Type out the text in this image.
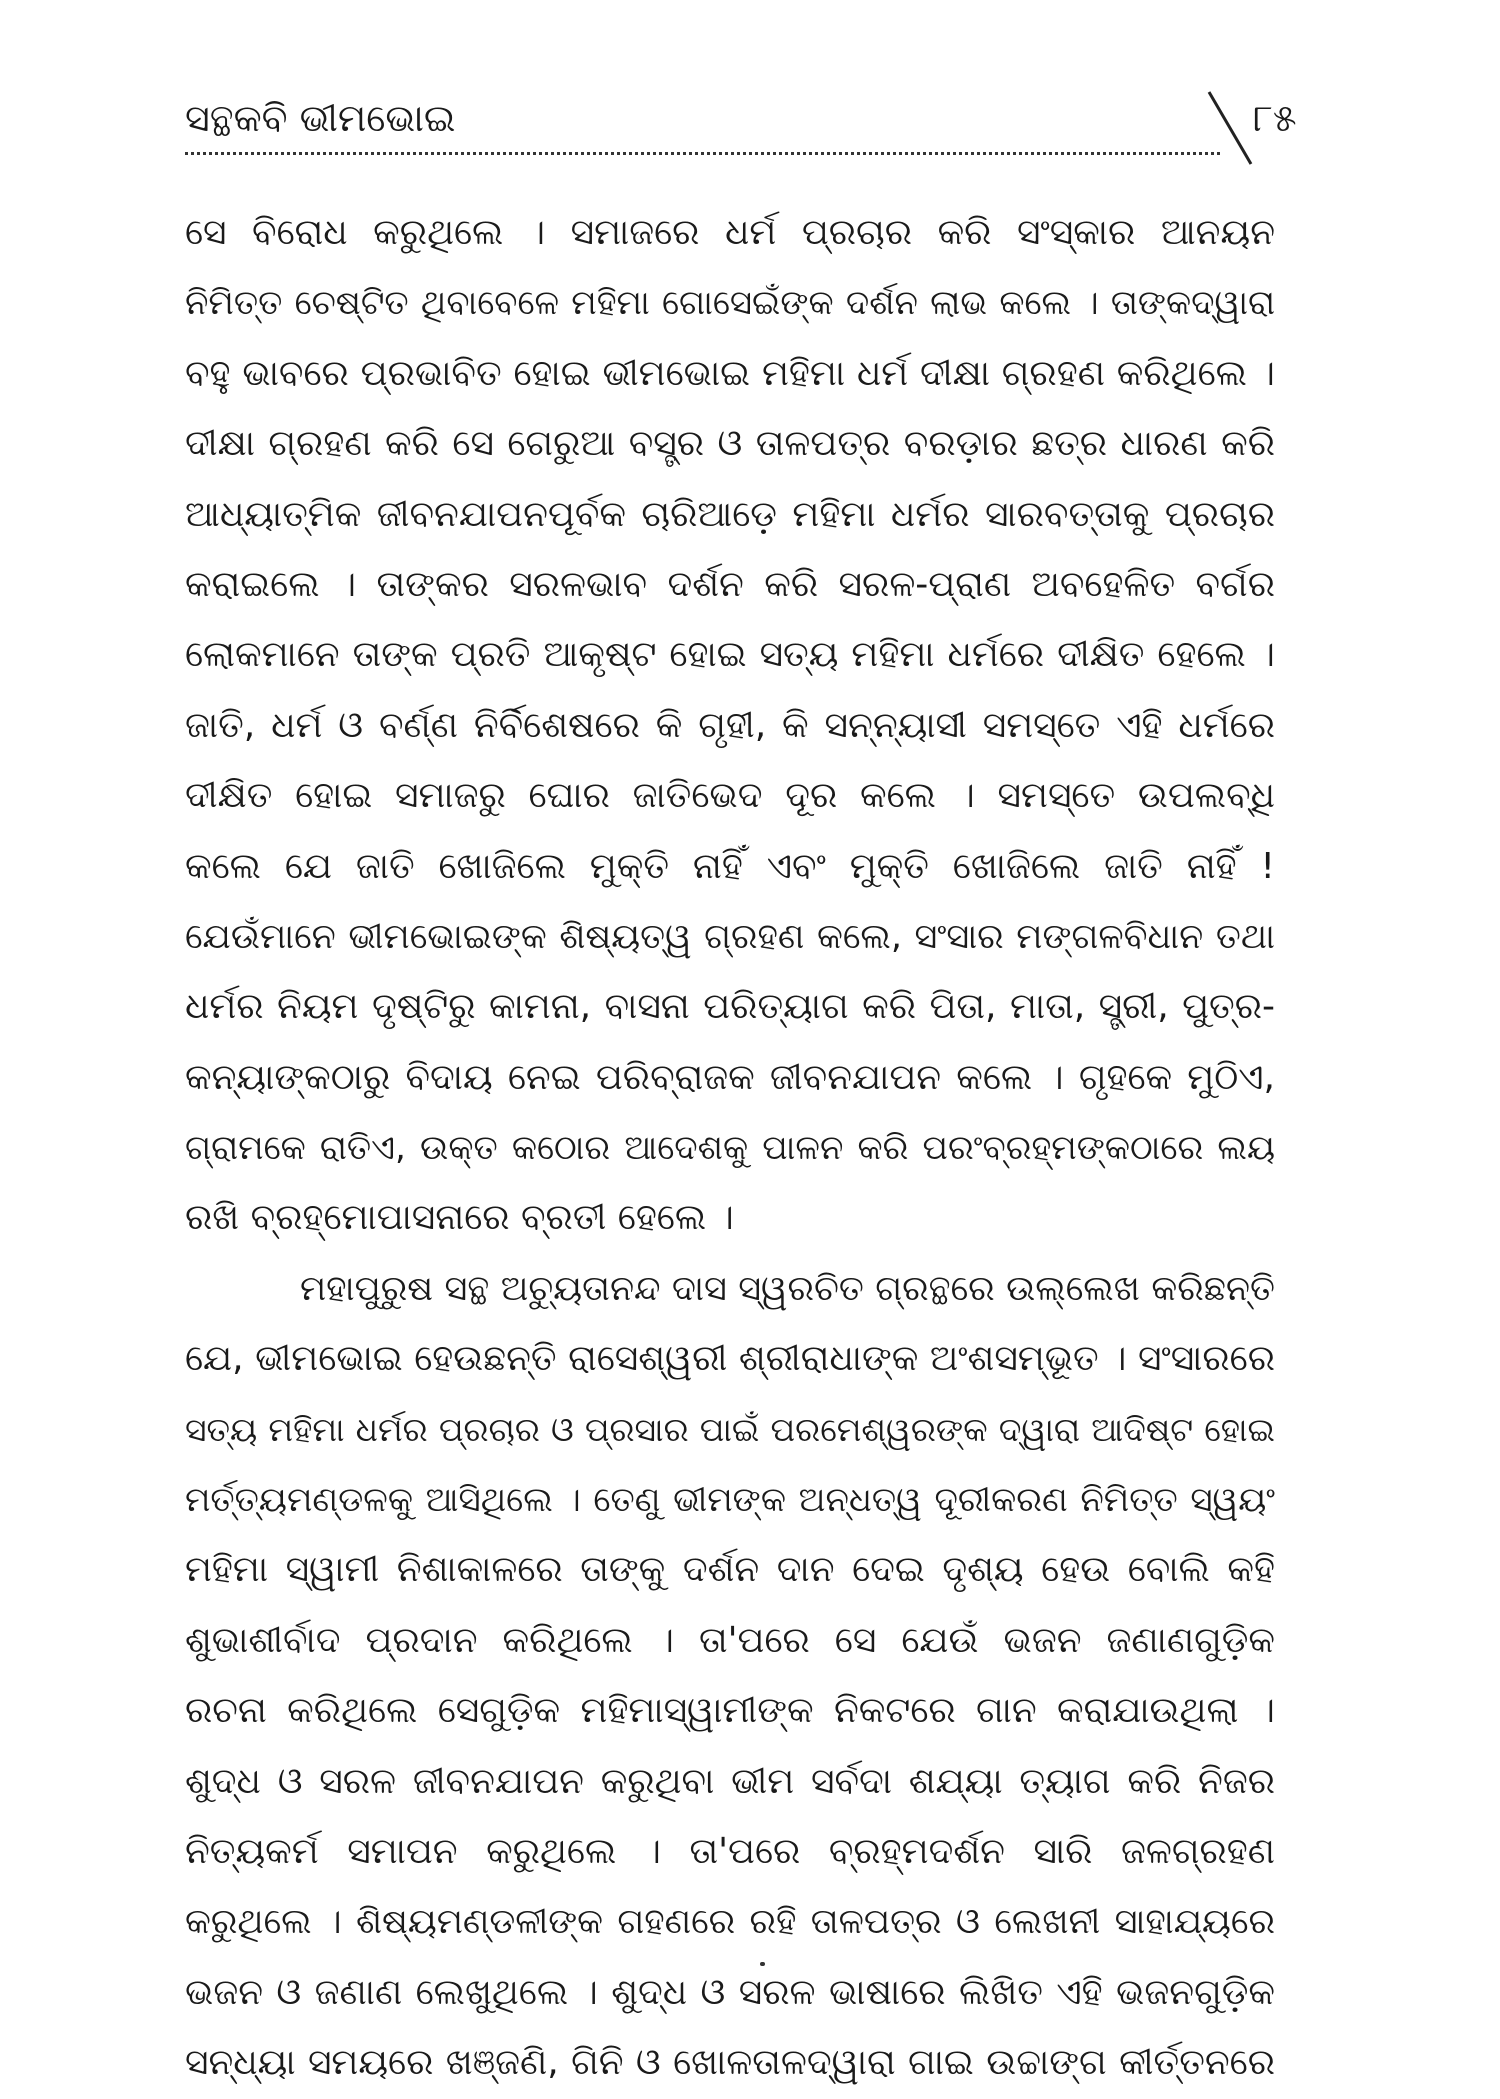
ସନ୍ଥକବି ଭୀମଭୋଇ	୮୫
ସେ ବିରୋଧ କରୁଥିଲେ । ସମାଜରେ ଧର୍ମ ପ୍ରଚାର କରି ସଂସ୍କାର ଆନୟନ
ନିମିତ୍ତ ଚେଷ୍ଟିତ ଥିବାବେଳେ ମହିମା ଗୋସେଇଁଙ୍କ ଦର୍ଶନ ଲାଭ କଲେ । ତାଙ୍କଦ୍ୱାରା
ବହୁ ଭାବରେ ପ୍ରଭାବିତ ହୋଇ ଭୀମଭୋଇ ମହିମା ଧର୍ମ ଦୀକ୍ଷା ଗ୍ରହଣ କରିଥିଲେ ।
ଦୀକ୍ଷା ଗ୍ରହଣ କରି ସେ ଗେରୁଆ ବସ୍ତ୍ର ଓ ତାଳପତ୍ର ବରଡ଼ାର ଛତ୍ର ଧାରଣ କରି
ଆଧ୍ୟାତ୍ମିକ ଜୀବନଯାପନପୂର୍ବକ ଚାରିଆଡ଼େ ମହିମା ଧର୍ମର ସାରବତ୍ତାକୁ ପ୍ରଚାର
କରାଇଲେ । ତାଙ୍କର ସରଳଭାବ ଦର୍ଶନ କରି ସରଳ-ପ୍ରାଣ ଅବହେଳିତ ବର୍ଗର
ଲୋକମାନେ ତାଙ୍କ ପ୍ରତି ଆକୃଷ୍ଟ ହୋଇ ସତ୍ୟ ମହିମା ଧର୍ମରେ ଦୀକ୍ଷିତ ହେଲେ ।
ଜାତି, ଧର୍ମ ଓ ବର୍ଣ୍ଣ ନିର୍ବିଶେଷରେ କି ଗୃହୀ, କି ସନ୍ନ୍ୟାସୀ ସମସ୍ତେ ଏହି ଧର୍ମରେ
ଦୀକ୍ଷିତ ହୋଇ ସମାଜରୁ ଘୋର ଜାତିଭେଦ ଦୂର କଲେ । ସମସ୍ତେ ଉପଲବ୍ଧି
କଲେ ଯେ ଜାତି ଖୋଜିଲେ ମୁକ୍ତି ନାହିଁ ଏବଂ ମୁକ୍ତି ଖୋଜିଲେ ଜାତି ନାହିଁ !
ଯେଉଁମାନେ ଭୀମଭୋଇଙ୍କ ଶିଷ୍ୟତ୍ୱ ଗ୍ରହଣ କଲେ, ସଂସାର ମଙ୍ଗଳବିଧାନ ତଥା
ଧର୍ମର ନିୟମ ଦୃଷ୍ଟିରୁ କାମନା, ବାସନା ପରିତ୍ୟାଗ କରି ପିତା, ମାତା, ସ୍ତ୍ରୀ, ପୁତ୍ର-
କନ୍ୟାଙ୍କଠାରୁ ବିଦାୟ ନେଇ ପରିବ୍ରାଜକ ଜୀବନଯାପନ କଲେ । ଗୃହକେ ମୁଠିଏ,
ଗ୍ରାମକେ ରାତିଏ, ଉକ୍ତ କଠୋର ଆଦେଶକୁ ପାଳନ କରି ପରଂବ୍ରହ୍ମଙ୍କଠାରେ ଲୟ
ରଖି ବ୍ରହ୍ମୋପାସନାରେ ବ୍ରତୀ ହେଲେ ।
ମହାପୁରୁଷ ସନ୍ଥ ଅଚ୍ୟୁତାନନ୍ଦ ଦାସ ସ୍ୱରଚିତ ଗ୍ରନ୍ଥରେ ଉଲ୍ଲେଖ କରିଛନ୍ତି
ଯେ, ଭୀମଭୋଇ ହେଉଛନ୍ତି ରାସେଶ୍ୱରୀ ଶ୍ରୀରାଧାଙ୍କ ଅଂଶସମ୍ଭୂତ । ସଂସାରରେ
ସତ୍ୟ ମହିମା ଧର୍ମର ପ୍ରଚାର ଓ ପ୍ରସାର ପାଇଁ ପରମେଶ୍ୱରଙ୍କ ଦ୍ୱାରା ଆଦିଷ୍ଟ ହୋଇ
ମର୍ତ୍ତ୍ୟମଣ୍ଡଳକୁ ଆସିଥିଲେ । ତେଣୁ ଭୀମଙ୍କ ଅନ୍ଧତ୍ୱ ଦୂରୀକରଣ ନିମିତ୍ତ ସ୍ୱୟଂ
ମହିମା ସ୍ୱାମୀ ନିଶାକାଳରେ ତାଙ୍କୁ ଦର୍ଶନ ଦାନ ଦେଇ ଦୃଶ୍ୟ ହେଉ ବୋଲି କହି
ଶୁଭାଶୀର୍ବାଦ ପ୍ରଦାନ କରିଥିଲେ । ତା'ପରେ ସେ ଯେଉଁ ଭଜନ ଜଣାଣଗୁଡ଼ିକ
ରଚନା କରିଥିଲେ ସେଗୁଡ଼ିକ ମହିମାସ୍ୱାମୀଙ୍କ ନିକଟରେ ଗାନ କରାଯାଉଥିଲା ।
ଶୁଦ୍ଧ ଓ ସରଳ ଜୀବନଯାପନ କରୁଥିବା ଭୀମ ସର୍ବଦା ଶଯ୍ୟା ତ୍ୟାଗ କରି ନିଜର
ନିତ୍ୟକର୍ମ ସମାପନ କରୁଥିଲେ । ତା'ପରେ ବ୍ରହ୍ମଦର୍ଶନ ସାରି ଜଳଗ୍ରହଣ
କରୁଥିଲେ । ଶିଷ୍ୟମଣ୍ଡଳୀଙ୍କ ଗହଣରେ ରହି ତାଳପତ୍ର ଓ ଲେଖନୀ ସାହାଯ୍ୟରେ
ଭଜନ ଓ ଜଣାଣ ଲେଖୁଥିଲେ । ଶୁଦ୍ଧ ଓ ସରଳ ଭାଷାରେ ଲିଖିତ ଏହି ଭଜନଗୁଡ଼ିକ
ସନ୍ଧ୍ୟା ସମୟରେ ଖଞ୍ଜଣି, ଗିନି ଓ ଖୋଳତାଳଦ୍ୱାରା ଗାଇ ଉଚ୍ଚାଙ୍ଗ କୀର୍ତ୍ତନରେ
